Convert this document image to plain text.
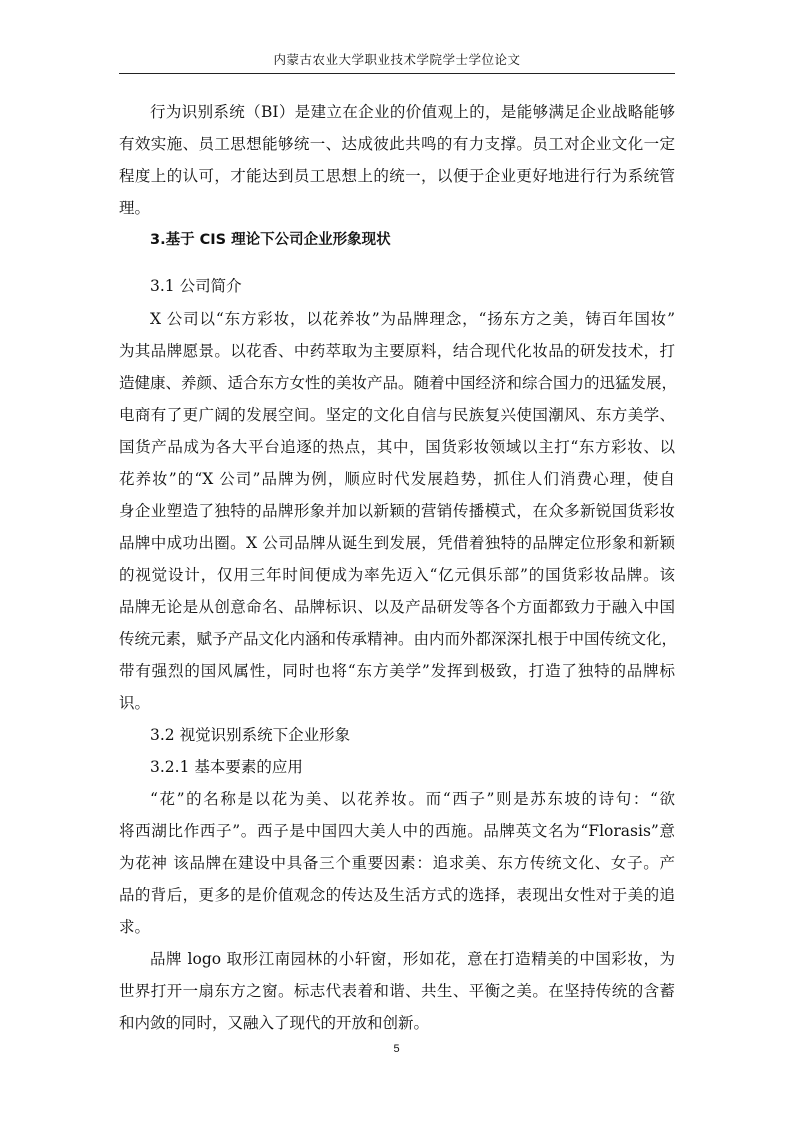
内蒙古农业大学职业技术学院学士学位论文
行为识别系统（BI）是建立在企业的价值观上的，是能够满足企业战略能够
有效实施、员工思想能够统一、达成彼此共鸣的有力支撑。员工对企业文化一定
程度上的认可，才能达到员工思想上的统一，以便于企业更好地进行行为系统管
理。
3.基于 CIS 理论下公司企业形象现状
3.1 公司简介
X 公司以“东方彩妆，以花养妆”为品牌理念，“扬东方之美，铸百年国妆”
为其品牌愿景。以花香、中药萃取为主要原料，结合现代化妆品的研发技术，打
造健康、养颜、适合东方女性的美妆产品。随着中国经济和综合国力的迅猛发展，
电商有了更广阔的发展空间。坚定的文化自信与民族复兴使国潮风、东方美学、
国货产品成为各大平台追逐的热点，其中，国货彩妆领域以主打“东方彩妆、以
花养妆”的“X 公司”品牌为例，顺应时代发展趋势，抓住人们消费心理，使自
身企业塑造了独特的品牌形象并加以新颖的营销传播模式，在众多新锐国货彩妆
品牌中成功出圈。X 公司品牌从诞生到发展，凭借着独特的品牌定位形象和新颖
的视觉设计，仅用三年时间便成为率先迈入“亿元俱乐部”的国货彩妆品牌。该
品牌无论是从创意命名、品牌标识、以及产品研发等各个方面都致力于融入中国
传统元素，赋予产品文化内涵和传承精神。由内而外都深深扎根于中国传统文化，
带有强烈的国风属性，同时也将“东方美学”发挥到极致，打造了独特的品牌标
识。
3.2 视觉识别系统下企业形象
3.2.1 基本要素的应用
“花”的名称是以花为美、以花养妆。而“西子”则是苏东坡的诗句：“欲
将西湖比作西子”。西子是中国四大美人中的西施。品牌英文名为“Florasis”意
为花神 该品牌在建设中具备三个重要因素：追求美、东方传统文化、女子。产
品的背后，更多的是价值观念的传达及生活方式的选择，表现出女性对于美的追
求。
品牌 logo 取形江南园林的小轩窗，形如花，意在打造精美的中国彩妆，为
世界打开一扇东方之窗。标志代表着和谐、共生、平衡之美。在坚持传统的含蓄
和内敛的同时，又融入了现代的开放和创新。
5
